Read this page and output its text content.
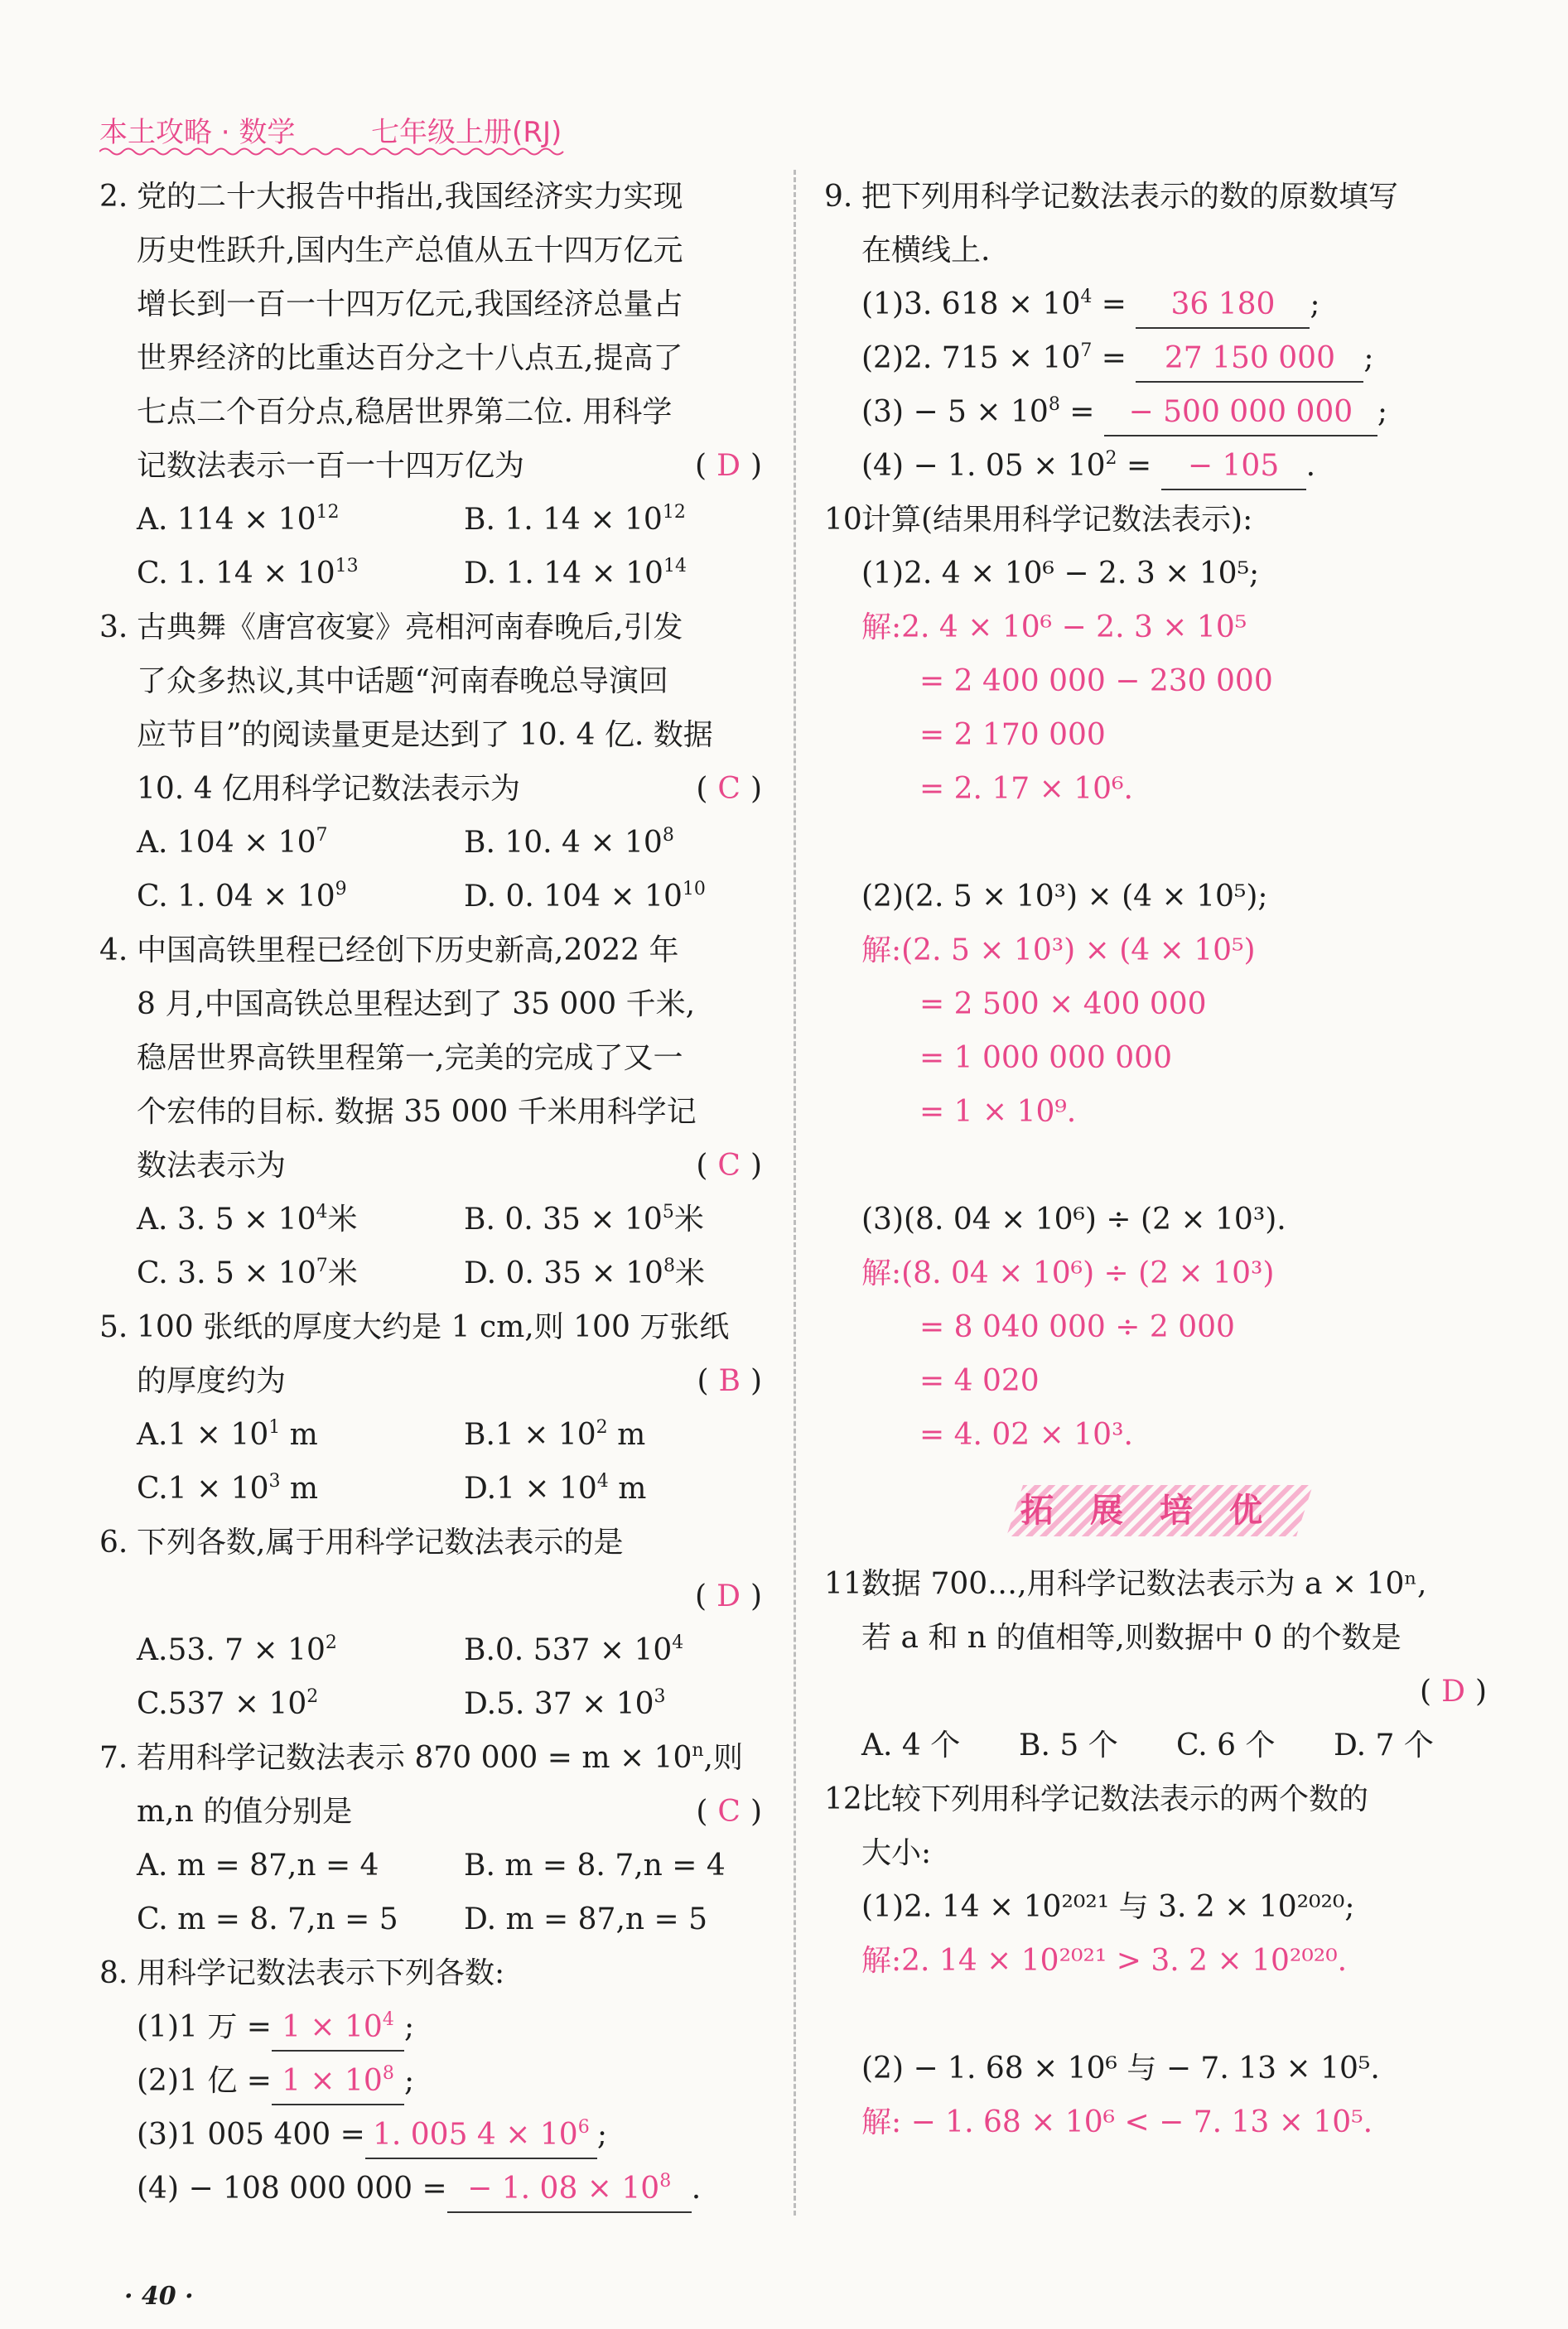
本土攻略 · 数学	七年级上册(RJ)
2. 党的二十大报告中指出,我国经济实力实现
历史性跃升,国内生产总值从五十四万亿元
增长到一百一十四万亿元,我国经济总量占
世界经济的比重达百分之十八点五,提高了
七点二个百分点,稳居世界第二位. 用科学
记数法表示一百一十四万亿为	( D )
A. $114 \times 10^{12}$	B. 1. $14 \times 10^{12}$
C. 1. $14 \times 10^{13}$	D. 1. $14 \times 10^{14}$
3. 古典舞《唐宫夜宴》亮相河南春晚后,引发
了众多热议,其中话题“河南春晚总导演回
应节目”的阅读量更是达到了 10. 4 亿. 数据
10. 4 亿用科学记数法表示为	( C )
A. $104 \times 10^7$	B. 10. $4 \times 10^8$
C. 1. $04 \times 10^9$	D. 0. $104 \times 10^{10}$
4. 中国高铁里程已经创下历史新高,2022 年
8 月,中国高铁总里程达到了 35 000 千米,
稳居世界高铁里程第一,完美的完成了又一
个宏伟的目标. 数据 35 000 千米用科学记
数法表示为	( C )
A. 3. $5 \times 10^4$米	B. 0. $35 \times 10^5$米
C. 3. $5 \times 10^7$米	D. 0. $35 \times 10^8$米
5. 100 张纸的厚度大约是 1 cm,则 100 万张纸
的厚度约为	( B )
$A.1 \times 10^1$ m	$B.1 \times 10^2$ m
$C.1 \times 10^3$ m	$D.1 \times 10^4$ m
6. 下列各数,属于用科学记数法表示的是
( D )
A.53. $7 \times 10^2$	B.0. $537 \times 10^4$
$C.537 \times 10^2$	D.5. $37 \times 10^3$
7. 若用科学记数法表示 870 $000 = m \times 10^n$,则
m,n 的值分别是	( C )
A. m = 87,n = 4	B. m = 8. 7,n = 4
C. m = 8. 7,n = 5 D. m = 87,n = 5
8. 用科学记数法表示下列各数:
(1)1 万 = $1 \times 10^4$ ;
(2)1 亿 = $1 \times 10^8$ ;
(3)1 005 400 = 1. 005 $4 \times 10^6$ ;
(4) − 108 000 000 = − 1. $08 \times 10^8$ .
9. 把下列用科学记数法表示的数的原数填写
在横线上.
(1)3. $618 \times 10^4 = 36$ 180 ;
(2)2. $715 \times 10^7 = 27$ 150 000 ;
$(3) - 5 \times 10^8$ = − 500 000 000 ;
(4) − 1. $05 \times 10^2$ = − 105 .
10.计算(结果用科学记数法表示):
(1)2. 4 × 10⁶ − 2. 3 × 10⁵;
解:2. 4 × 10⁶ − 2. 3 × 10⁵
= 2 400 000 − 230 000
= 2 170 000
= 2. 17 × 10⁶.
(2)(2. 5 × 10³) × (4 × 10⁵);
解:(2. 5 × 10³) × (4 × 10⁵)
= 2 500 × 400 000
= 1 000 000 000
= 1 × 10⁹.
(3)(8. 04 × 10⁶) ÷ (2 × 10³).
解:(8. 04 × 10⁶) ÷ (2 × 10³)
= 8 040 000 ÷ 2 000
= 4 020
= 4. 02 × 10³.
拓展培优
11.数据 700…,用科学记数法表示为 a × 10ⁿ,
若 a 和 n 的值相等,则数据中 0 的个数是
( D )
A. 4 个 B. 5 个 C. 6 个 D. 7 个
12.比较下列用科学记数法表示的两个数的
大小:
(1)2. 14 × 10²⁰²¹ 与 3. 2 × 10²⁰²⁰;
解:2. 14 × 10²⁰²¹ > 3. 2 × 10²⁰²⁰.
(2) − 1. 68 × 10⁶ 与 − 7. 13 × 10⁵.
解: − 1. 68 × 10⁶ < − 7. 13 × 10⁵.
· 40 ·
